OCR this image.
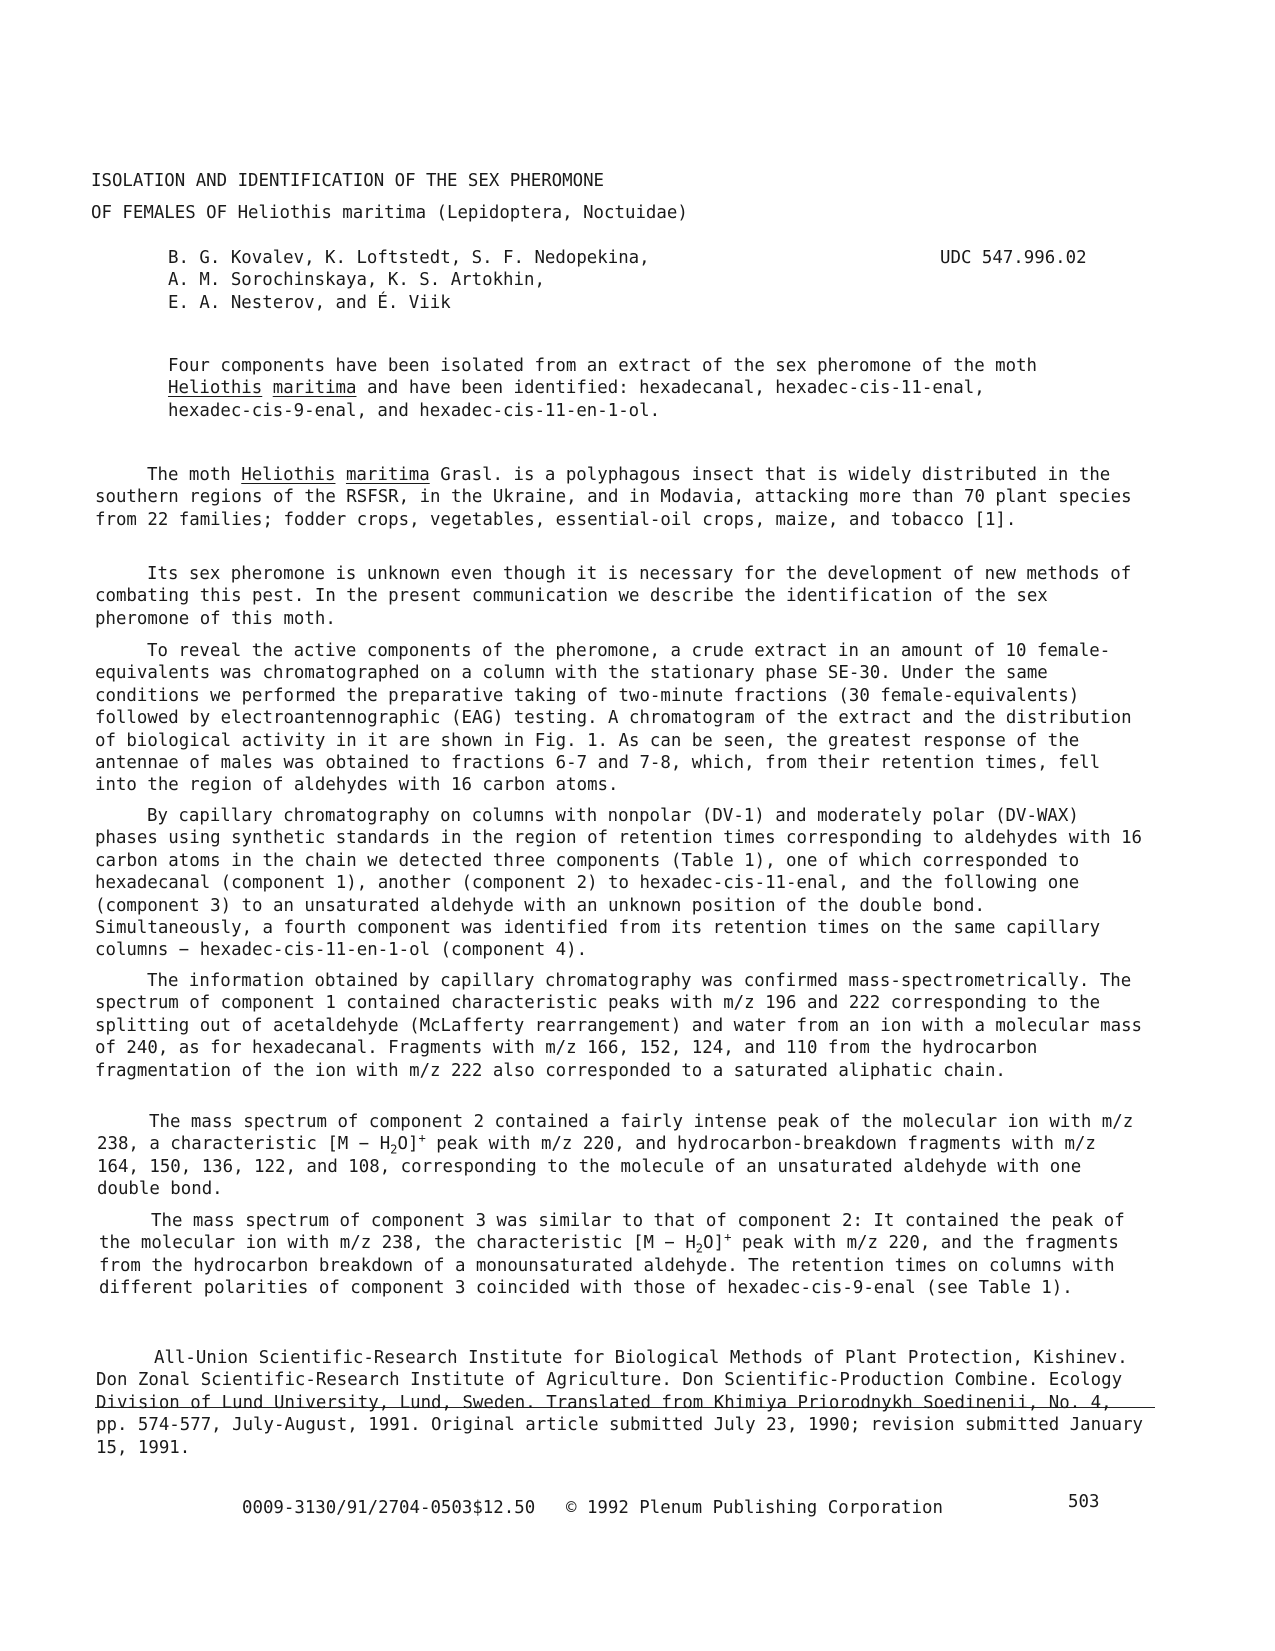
ISOLATION AND IDENTIFICATION OF THE SEX PHEROMONE
OF FEMALES OF Heliothis maritima (Lepidoptera, Noctuidae)
B. G. Kovalev, K. Loftstedt, S. F. Nedopekina,
A. M. Sorochinskaya, K. S. Artokhin,
E. A. Nesterov, and É. Viik
UDC 547.996.02

Four components have been isolated from an extract of the sex pheromone of the moth Heliothis maritima and have been identified: hexadecanal, hexadec-cis-11-enal, hexadec-cis-9-enal, and hexadec-cis-11-en-1-ol.

The moth Heliothis maritima Grasl. is a polyphagous insect that is widely distributed in the southern regions of the RSFSR, in the Ukraine, and in Modavia, attacking more than 70 plant species from 22 families; fodder crops, vegetables, essential-oil crops, maize, and tobacco [1].

Its sex pheromone is unknown even though it is necessary for the development of new methods of combating this pest. In the present communication we describe the identification of the sex pheromone of this moth.

To reveal the active components of the pheromone, a crude extract in an amount of 10 female-equivalents was chromatographed on a column with the stationary phase SE-30. Under the same conditions we performed the preparative taking of two-minute fractions (30 female-equivalents) followed by electroantennographic (EAG) testing. A chromatogram of the extract and the distribution of biological activity in it are shown in Fig. 1. As can be seen, the greatest response of the antennae of males was obtained to fractions 6-7 and 7-8, which, from their retention times, fell into the region of aldehydes with 16 carbon atoms.

By capillary chromatography on columns with nonpolar (DV-1) and moderately polar (DV-WAX) phases using synthetic standards in the region of retention times corresponding to aldehydes with 16 carbon atoms in the chain we detected three components (Table 1), one of which corresponded to hexadecanal (component 1), another (component 2) to hexadec-cis-11-enal, and the following one (component 3) to an unsaturated aldehyde with an unknown position of the double bond. Simultaneously, a fourth component was identified from its retention times on the same capillary columns − hexadec-cis-11-en-1-ol (component 4).

The information obtained by capillary chromatography was confirmed mass-spectrometrically. The spectrum of component 1 contained characteristic peaks with m/z 196 and 222 corresponding to the splitting out of acetaldehyde (McLafferty rearrangement) and water from an ion with a molecular mass of 240, as for hexadecanal. Fragments with m/z 166, 152, 124, and 110 from the hydrocarbon fragmentation of the ion with m/z 222 also corresponded to a saturated aliphatic chain.

The mass spectrum of component 2 contained a fairly intense peak of the molecular ion with m/z 238, a characteristic $[M - H_2O]^+$ peak with m/z 220, and hydrocarbon-breakdown fragments with m/z 164, 150, 136, 122, and 108, corresponding to the molecule of an unsaturated aldehyde with one double bond.

The mass spectrum of component 3 was similar to that of component 2: It contained the peak of the molecular ion with m/z 238, the characteristic $[M - H_2O]^+$ peak with m/z 220, and the fragments from the hydrocarbon breakdown of a monounsaturated aldehyde. The retention times on columns with different polarities of component 3 coincided with those of hexadec-cis-9-enal (see Table 1).

All-Union Scientific-Research Institute for Biological Methods of Plant Protection, Kishinev. Don Zonal Scientific-Research Institute of Agriculture. Don Scientific-Production Combine. Ecology Division of Lund University, Lund, Sweden. Translated from Khimiya Priorodnykh Soedinenii, No. 4, pp. 574-577, July-August, 1991. Original article submitted July 23, 1990; revision submitted January 15, 1991.

0009-3130/91/2704-0503$12.50 © 1992 Plenum Publishing Corporation	503
